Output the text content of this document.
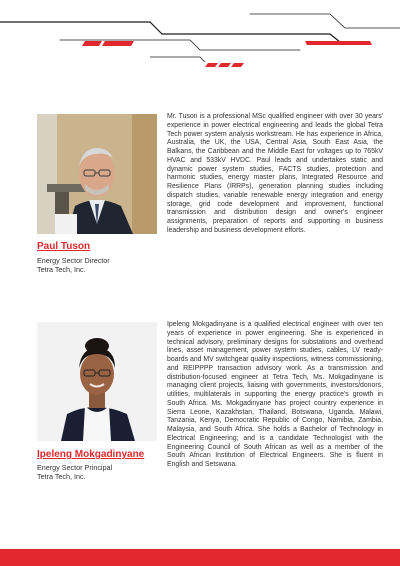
Paul Tuson
Energy Sector Director
Tetra Tech, Inc.
Mr. Tuson is a professional MSc qualified engineer with over 30 years' experience in power electrical engineering and leads the global Tetra Tech power system analysis workstream. He has experience in Africa, Australia, the UK, the USA, Central Asia, South East Asia, the Balkans, the Caribbean and the Middle East for voltages up to 765kV HVAC and 533kV HVDC. Paul leads and undertakes static and dynamic power system studies, FACTS studies, protection and harmonic studies, energy master plans, Integrated Resource and Resilience Plans (IRRPs), generation planning studies including dispatch studies, variable renewable energy integration and energy storage, grid code development and improvement, functional transmission and distribution design and owner's engineer assignments, preparation of reports and supporting in business leadership and business development efforts.
Ipeleng Mokgadinyane
Energy Sector Principal
Tetra Tech, Inc.
Ipeleng Mokgadinyane is a qualified electrical engineer with over ten years of experience in power engineering. She is experienced in technical advisory, preliminary designs for substations and overhead lines, asset management, power system studies, cables, LV ready-boards and MV switchgear quality inspections, witness commissioning, and REIPPPP transaction advisory work. As a transmission and distribution-focused engineer at Tetra Tech, Ms. Mokgadinyane is managing client projects, liaising with governments, investors/donors, utilities, multilaterals in supporting the energy practice's growth in South Africa. Ms. Mokgadinyane has project country experience in Sierra Leone, Kazakhstan, Thailand, Botswana, Uganda, Malawi, Tanzania, Kenya, Democratic Republic of Congo, Namibia, Zambia, Malaysia, and South Africa. She holds a Bachelor of Technology in Electrical Engineering; and is a candidate Technologist with the Engineering Council of South African as well as a member of the South African Institution of Electrical Engineers. She is fluent in English and Setswana.
